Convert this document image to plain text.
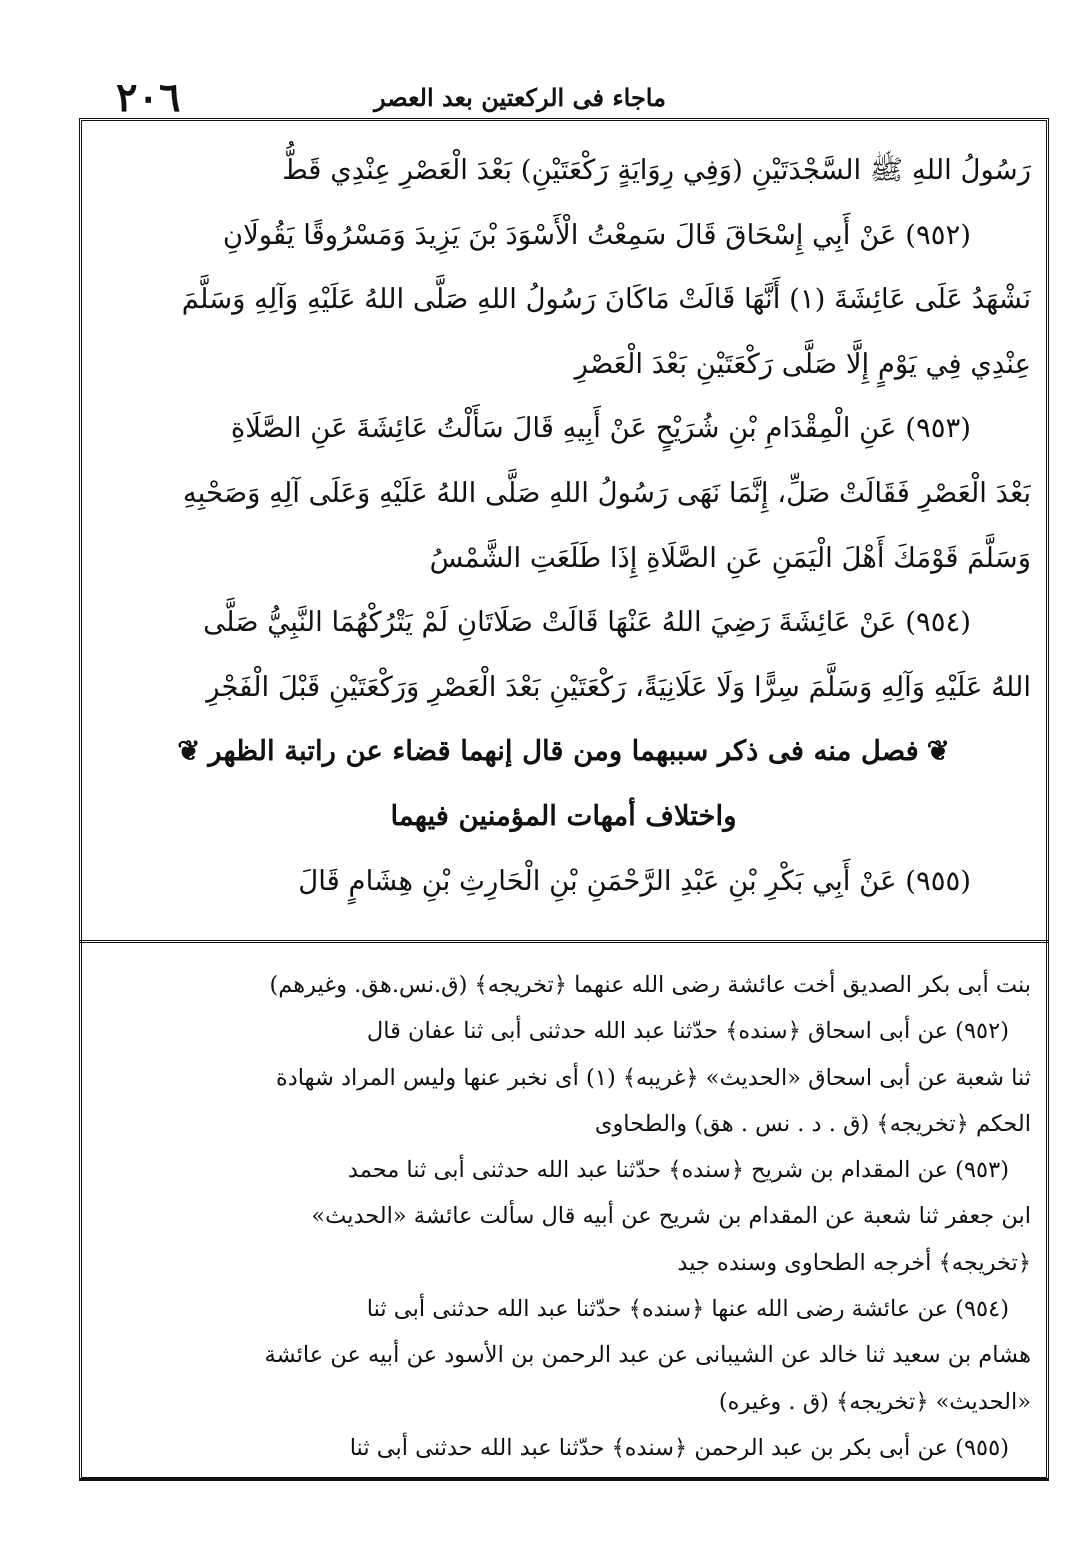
٢٠٦	ماجاء فى الركعتين بعد العصر
رَسُولُ اللهِ ﷺ السَّجْدَتَيْنِ (وَفِي رِوَايَةٍ رَكْعَتَيْنِ) بَعْدَ الْعَصْرِ عِنْدِي قَطُّ
(٩٥٢) عَنْ أَبِي إِسْحَاقَ قَالَ سَمِعْتُ الْأَسْوَدَ بْنَ يَزِيدَ وَمَسْرُوقًا يَقُولَانِ
نَشْهَدُ عَلَى عَائِشَةَ (١) أَنَّهَا قَالَتْ مَاكَانَ رَسُولُ اللهِ صَلَّى اللهُ عَلَيْهِ وَآلِهِ وَسَلَّمَ
عِنْدِي فِي يَوْمٍ إِلَّا صَلَّى رَكْعَتَيْنِ بَعْدَ الْعَصْرِ
(٩٥٣) عَنِ الْمِقْدَامِ بْنِ شُرَيْحٍ عَنْ أَبِيهِ قَالَ سَأَلْتُ عَائِشَةَ عَنِ الصَّلَاةِ
بَعْدَ الْعَصْرِ فَقَالَتْ صَلِّ، إِنَّمَا نَهَى رَسُولُ اللهِ صَلَّى اللهُ عَلَيْهِ وَعَلَى آلِهِ وَصَحْبِهِ
وَسَلَّمَ قَوْمَكَ أَهْلَ الْيَمَنِ عَنِ الصَّلَاةِ إِذَا طَلَعَتِ الشَّمْسُ
(٩٥٤) عَنْ عَائِشَةَ رَضِيَ اللهُ عَنْهَا قَالَتْ صَلَاتَانِ لَمْ يَتْرُكْهُمَا النَّبِيُّ صَلَّى
اللهُ عَلَيْهِ وَآلِهِ وَسَلَّمَ سِرًّا وَلَا عَلَانِيَةً، رَكْعَتَيْنِ بَعْدَ الْعَصْرِ وَرَكْعَتَيْنِ قَبْلَ الْفَجْرِ
❦فصل منه فى ذكر سببهما ومن قال إنهما قضاء عن راتبة الظهر❦
واختلاف أمهات المؤمنين فيهما
(٩٥٥) عَنْ أَبِي بَكْرِ بْنِ عَبْدِ الرَّحْمَنِ بْنِ الْحَارِثِ بْنِ هِشَامٍ قَالَ
بنت أبى بكر الصديق أخت عائشة رضى الله عنهما ﴿تخريجه﴾ (ق.نس.هق. وغيرهم)
(٩٥٢) عن أبى اسحاق ﴿سنده﴾ حدّثنا عبد الله حدثنى أبى ثنا عفان قال
ثنا شعبة عن أبى اسحاق «الحديث» ﴿غريبه﴾ (١) أى نخبر عنها وليس المراد شهادة
الحكم ﴿تخريجه﴾ (ق . د . نس . هق) والطحاوى
(٩٥٣) عن المقدام بن شريح ﴿سنده﴾ حدّثنا عبد الله حدثنى أبى ثنا محمد
ابن جعفر ثنا شعبة عن المقدام بن شريح عن أبيه قال سألت عائشة «الحديث»
﴿تخريجه﴾ أخرجه الطحاوى وسنده جيد
(٩٥٤) عن عائشة رضى الله عنها ﴿سنده﴾ حدّثنا عبد الله حدثنى أبى ثنا
هشام بن سعيد ثنا خالد عن الشيبانى عن عبد الرحمن بن الأسود عن أبيه عن عائشة
«الحديث» ﴿تخريجه﴾ (ق . وغيره)
(٩٥٥) عن أبى بكر بن عبد الرحمن ﴿سنده﴾ حدّثنا عبد الله حدثنى أبى ثنا
